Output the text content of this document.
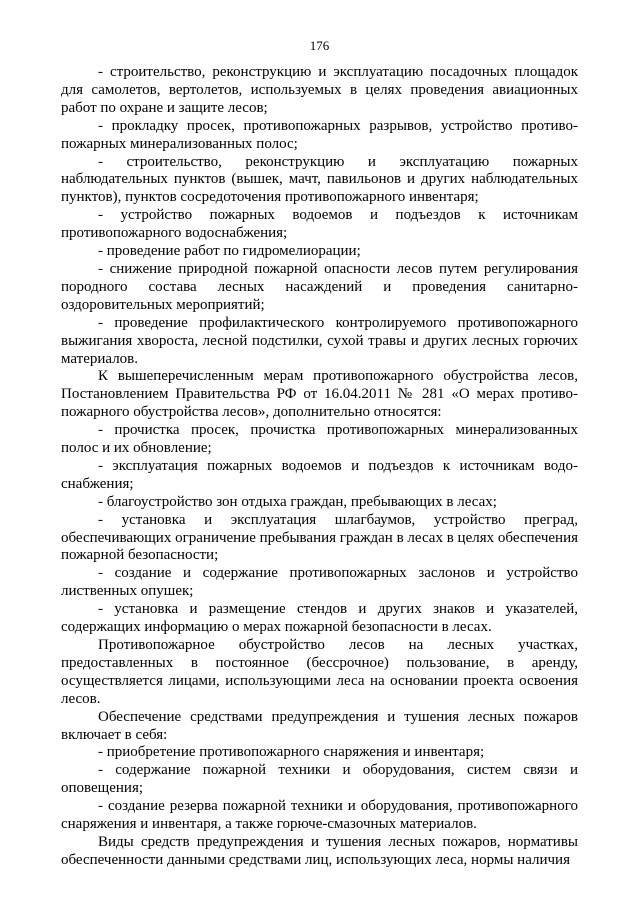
176

- строительство, реконструкцию и эксплуатацию посадочных площадок для самолетов, вертолетов, используемых в целях проведения авиационных работ по охране и защите лесов;

- прокладку просек, противопожарных разрывов, устройство противо-пожарных минерализованных полос;

- строительство, реконструкцию и эксплуатацию пожарных наблюдательных пунктов (вышек, мачт, павильонов и других наблюдательных пунктов), пунктов сосредоточения противопожарного инвентаря;

- устройство пожарных водоемов и подъездов к источникам противопожарного водоснабжения;

- проведение работ по гидромелиорации;

- снижение природной пожарной опасности лесов путем регулирования породного состава лесных насаждений и проведения санитарно-оздоровительных мероприятий;

- проведение профилактического контролируемого противопожарного выжигания хвороста, лесной подстилки, сухой травы и других лесных горючих материалов.

К вышеперечисленным мерам противопожарного обустройства лесов, Постановлением Правительства РФ от 16.04.2011 № 281 «О мерах противо-пожарного обустройства лесов», дополнительно относятся:

- прочистка просек, прочистка противопожарных минерализованных полос и их обновление;

- эксплуатация пожарных водоемов и подъездов к источникам водо-снабжения;

- благоустройство зон отдыха граждан, пребывающих в лесах;

- установка и эксплуатация шлагбаумов, устройство преград, обеспечивающих ограничение пребывания граждан в лесах в целях обеспечения пожарной безопасности;

- создание и содержание противопожарных заслонов и устройство лиственных опушек;

- установка и размещение стендов и других знаков и указателей, содержащих информацию о мерах пожарной безопасности в лесах.

Противопожарное обустройство лесов на лесных участках, предоставленных в постоянное (бессрочное) пользование, в аренду, осуществляется лицами, использующими леса на основании проекта освоения лесов.

Обеспечение средствами предупреждения и тушения лесных пожаров включает в себя:

- приобретение противопожарного снаряжения и инвентаря;

- содержание пожарной техники и оборудования, систем связи и оповещения;

- создание резерва пожарной техники и оборудования, противопожарного снаряжения и инвентаря, а также горюче-смазочных материалов.

Виды средств предупреждения и тушения лесных пожаров, нормативы обеспеченности данными средствами лиц, использующих леса, нормы наличия
